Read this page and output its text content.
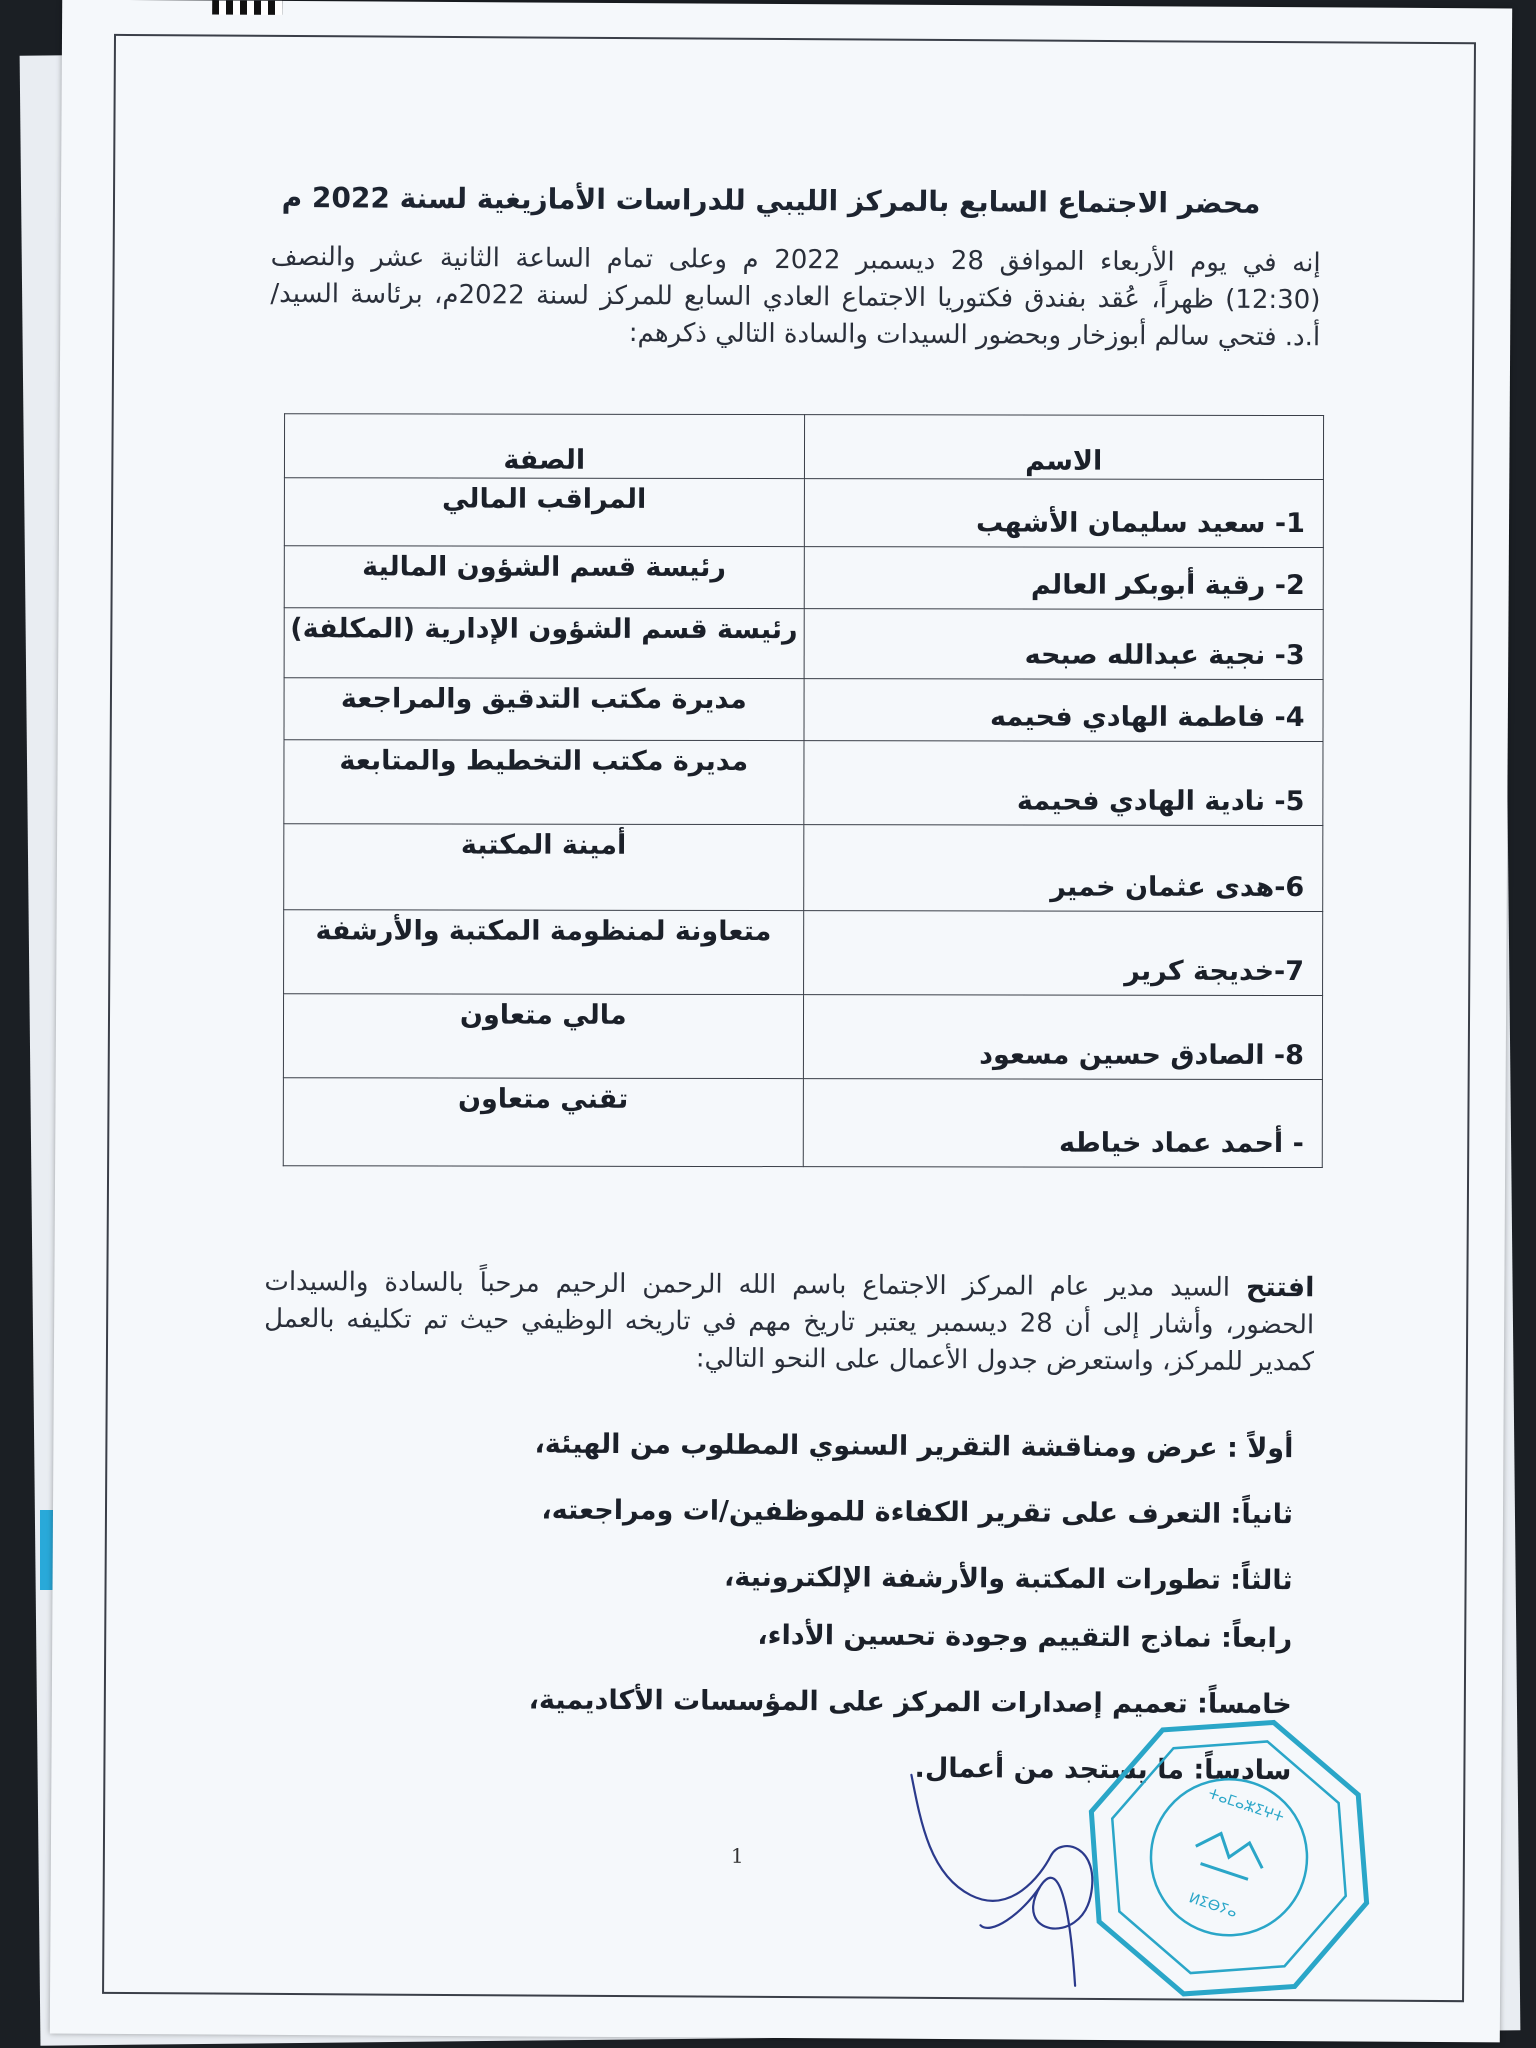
محضر الاجتماع السابع بالمركز الليبي للدراسات الأمازيغية لسنة 2022 م
إنه في يوم الأربعاء الموافق 28 ديسمبر 2022 م وعلى تمام الساعة الثانية عشر والنصف (12:30) ظهراً، عُقد بفندق فكتوريا الاجتماع العادي السابع للمركز لسنة 2022م، برئاسة السيد/ أ.د. فتحي سالم أبوزخار وبحضور السيدات والسادة التالي ذكرهم:
الاسم	الصفة
1- سعيد سليمان الأشهب	المراقب المالي
2- رقية أبوبكر العالم	رئيسة قسم الشؤون المالية
3- نجية عبدالله صبحه	رئيسة قسم الشؤون الإدارية (المكلفة)
4- فاطمة الهادي فحيمه	مديرة مكتب التدقيق والمراجعة
5- نادية الهادي فحيمة	مديرة مكتب التخطيط والمتابعة
6-هدى عثمان خمير	أمينة المكتبة
7-خديجة كرير	متعاونة لمنظومة المكتبة والأرشفة
8- الصادق حسين مسعود	مالي متعاون
- أحمد عماد خياطه	تقني متعاون
افتتح السيد مدير عام المركز الاجتماع باسم الله الرحمن الرحيم مرحباً بالسادة والسيدات الحضور، وأشار إلى أن 28 ديسمبر يعتبر تاريخ مهم في تاريخه الوظيفي حيث تم تكليفه بالعمل كمدير للمركز، واستعرض جدول الأعمال على النحو التالي:
أولاً : عرض ومناقشة التقرير السنوي المطلوب من الهيئة،
ثانياً: التعرف على تقرير الكفاءة للموظفين/ات ومراجعته،
ثالثاً: تطورات المكتبة والأرشفة الإلكترونية،
رابعاً: نماذج التقييم وجودة تحسين الأداء،
خامساً: تعميم إصدارات المركز على المؤسسات الأكاديمية،
سادساً: ما يستجد من أعمال.
1
ⵜⴰⵎⴰⵣⵉⵖⵜ
ⵍⵉⴱⵢⴰ
